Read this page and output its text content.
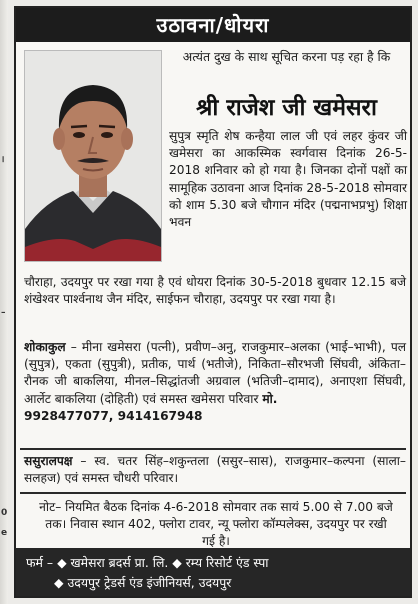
।
–
0
e
उठावना/धोयरा

अत्यंत दुख के साथ सूचित करना पड़ रहा है कि

श्री राजेश जी खमेसरा

सुपुत्र स्मृति शेष कन्हैया लाल जी एवं लहर कुंवर जी खमेसरा का आकस्मिक स्वर्गवास दिनांक 26-5-2018 शनिवार को हो गया है। जिनका दोनों पक्षों का सामूहिक उठावना आज दिनांक 28-5-2018 सोमवार को शाम 5.30 बजे चौगान मंदिर (पद्मनाभप्रभु) शिक्षा भवन

चौराहा, उदयपुर पर रखा गया है एवं धोयरा दिनांक 30-5-2018 बुधवार 12.15 बजे शंखेश्वर पार्श्वनाथ जैन मंदिर, साईफन चौराहा, उदयपुर पर रखा गया है।

शोकाकुल – मीना खमेसरा (पत्नी), प्रवीण–अनु, राजकुमार–अलका (भाई–भाभी), पल (सुपुत्र), एकता (सुपुत्री), प्रतीक, पार्थ (भतीजे), निकिता–सौरभजी सिंघवी, अंकिता–रौनक जी बाकलिया, मीनल–सिद्धांतजी अग्रवाल (भतिजी–दामाद), अनाएशा सिंघवी, आर्लेट बाकलिया (दोहिती) एवं समस्त खमेसरा परिवार मो.
9928477077, 9414167948

ससुरालपक्ष – स्व. चतर सिंह–शकुन्तला (ससुर–सास), राजकुमार–कल्पना (साला–सलहज) एवं समस्त चौधरी परिवार।

नोट– नियमित बैठक दिनांक 4-6-2018 सोमवार तक सायं 5.00 से 7.00 बजे तक। निवास स्थान 402, फ्लोरा टावर, न्यू फ्लोरा कॉम्पलेक्स, उदयपुर पर रखी गई है।

फर्म – ◆ खमेसरा ब्रदर्स प्रा. लि. ◆ रम्य रिसोर्ट एंड स्पा
◆ उदयपुर ट्रेडर्स एंड इंजीनियर्स, उदयपुर
